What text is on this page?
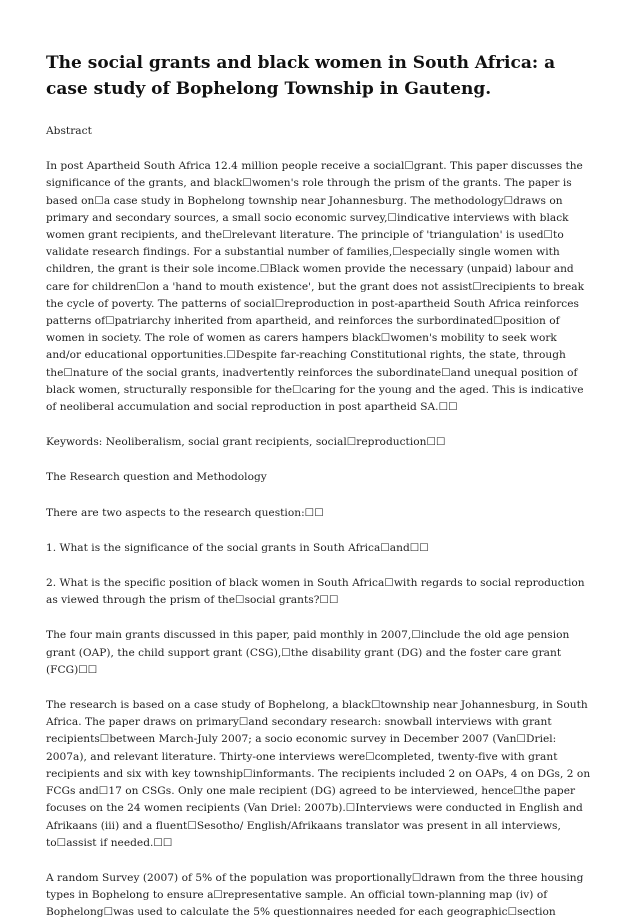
The social grants and black women in South Africa: a case study of Bophelong Township in Gauteng.

Abstract

In post Apartheid South Africa 12.4 million people receive a social☐grant. This paper discusses the significance of the grants, and black☐women's role through the prism of the grants. The paper is based on☐a case study in Bophelong township near Johannesburg. The methodology☐draws on primary and secondary sources, a small socio economic survey,☐indicative interviews with black women grant recipients, and the☐relevant literature. The principle of 'triangulation' is used☐to validate research findings. For a substantial number of families,☐especially single women with children, the grant is their sole income.☐Black women provide the necessary (unpaid) labour and care for children☐on a 'hand to mouth existence', but the grant does not assist☐recipients to break the cycle of poverty. The patterns of social☐reproduction in post-apartheid South Africa reinforces patterns of☐patriarchy inherited from apartheid, and reinforces the surbordinated☐position of women in society. The role of women as carers hampers black☐women's mobility to seek work and/or educational opportunities.☐Despite far-reaching Constitutional rights, the state, through the☐nature of the social grants, inadvertently reinforces the subordinate☐and unequal position of black women, structurally responsible for the☐caring for the young and the aged. This is indicative of neoliberal accumulation and social reproduction in post apartheid SA.☐☐

Keywords: Neoliberalism, social grant recipients, social☐reproduction☐☐

The Research question and Methodology

There are two aspects to the research question:☐☐

1. What is the significance of the social grants in South Africa☐and☐☐

2. What is the specific position of black women in South Africa☐with regards to social reproduction as viewed through the prism of the☐social grants?☐☐

The four main grants discussed in this paper, paid monthly in 2007,☐include the old age pension grant (OAP), the child support grant (CSG),☐the disability grant (DG) and the foster care grant (FCG)☐☐

The research is based on a case study of Bophelong, a black☐township near Johannesburg, in South Africa. The paper draws on primary☐and secondary research: snowball interviews with grant recipients☐between March-July 2007; a socio economic survey in December 2007 (Van☐Driel: 2007a), and relevant literature. Thirty-one interviews were☐completed, twenty-five with grant recipients and six with key township☐informants. The recipients included 2 on OAPs, 4 on DGs, 2 on FCGs and☐17 on CSGs. Only one male recipient (DG) agreed to be interviewed, hence☐the paper focuses on the 24 women recipients (Van Driel: 2007b).☐Interviews were conducted in English and Afrikaans (iii) and a fluent☐Sesotho/ English/Afrikaans translator was present in all interviews, to☐assist if needed.☐☐

A random Survey (2007) of 5% of the population was proportionally☐drawn from the three housing types in Bophelong to ensure a☐representative sample. An official town-planning map (iv) of Bophelong☐was used to calculate the 5% questionnaires needed for each geographic☐section
